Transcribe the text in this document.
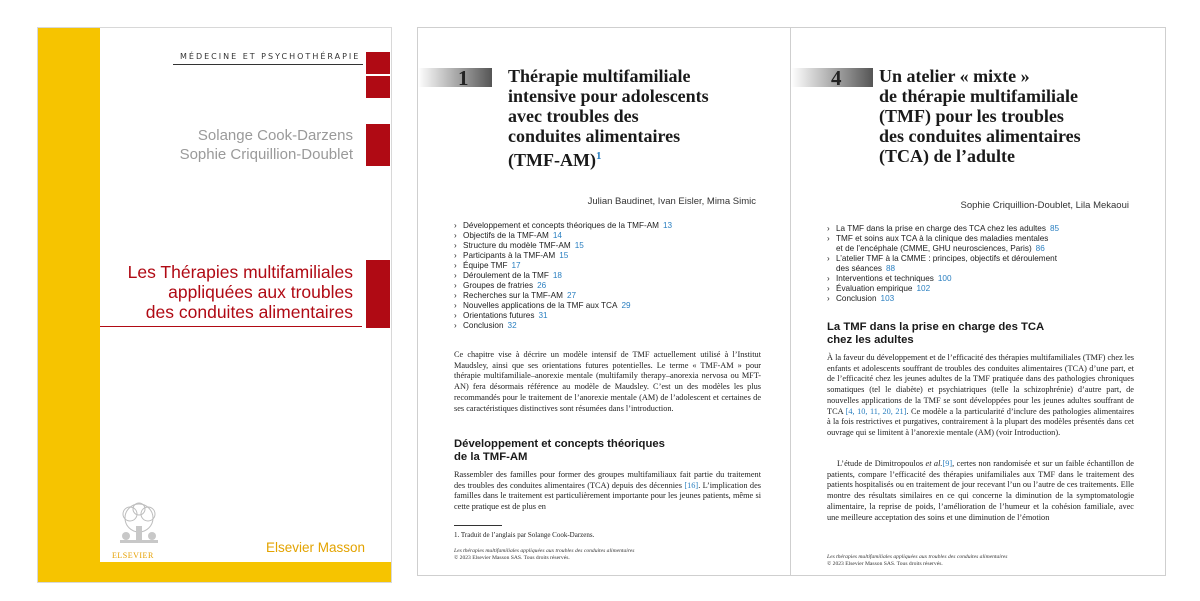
MÉDECINE ET PSYCHOTHÉRAPIE
Solange Cook-Darzens
Sophie Criquillion-Doublet
Les Thérapies multifamiliales
appliquées aux troubles
des conduites alimentaires
ELSEVIER
Elsevier Masson
1 Thérapie multifamiliale
intensive pour adolescents
avec troubles des
conduites alimentaires
$(TMF-AM)^1$
Julian Baudinet, Ivan Eisler, Mima Simic
› Développement et concepts théoriques de la TMF-AM 13
› Objectifs de la TMF-AM 14
› Structure du modèle TMF-AM 15
› Participants à la TMF-AM 15
› Équipe TMF 17
› Déroulement de la TMF 18
› Groupes de fratries 26
› Recherches sur la TMF-AM 27
› Nouvelles applications de la TMF aux TCA 29
› Orientations futures 31
› Conclusion 32
Ce chapitre vise à décrire un modèle intensif de TMF actuellement utilisé à l’Institut Maudsley, ainsi que ses orientations futures potentielles. Le terme « TMF-AM » pour thérapie multifamiliale–anorexie mentale (multifamily therapy–anorexia nervosa ou MFT-AN) fera désormais référence au modèle de Maudsley. C’est un des modèles les plus recommandés pour le traitement de l’anorexie mentale (AM) de l’adolescent et certaines de ses caractéristiques distinctives sont résumées dans l’introduction.
Développement et concepts théoriques
de la TMF-AM
Rassembler des familles pour former des groupes multifamiliaux fait partie du traitement des troubles des conduites alimentaires (TCA) depuis des décennies [16]. L’implication des familles dans le traitement est particulièrement importante pour les jeunes patients, même si cette pratique est de plus en
1. Traduit de l’anglais par Solange Cook-Darzens.
Les thérapies multifamiliales appliquées aux troubles des conduites alimentaires
© 2023 Elsevier Masson SAS. Tous droits réservés.
4 Un atelier « mixte »
de thérapie multifamiliale
(TMF) pour les troubles
des conduites alimentaires
(TCA) de l’adulte
Sophie Criquillion-Doublet, Lila Mekaoui
› La TMF dans la prise en charge des TCA chez les adultes 85
› TMF et soins aux TCA à la clinique des maladies mentales
et de l’encéphale (CMME, GHU neurosciences, Paris) 86
› L’atelier TMF à la CMME : principes, objectifs et déroulement
des séances 88
› Interventions et techniques 100
› Évaluation empirique 102
› Conclusion 103
La TMF dans la prise en charge des TCA
chez les adultes
À la faveur du développement et de l’efficacité des thérapies multifamiliales (TMF) chez les enfants et adolescents souffrant de troubles des conduites alimentaires (TCA) d’une part, et de l’efficacité chez les jeunes adultes de la TMF pratiquée dans des pathologies chroniques somatiques (tel le diabète) et psychiatriques (telle la schizophrénie) d’autre part, de nouvelles applications de la TMF se sont développées pour les jeunes adultes souffrant de TCA [4, 10, 11, 20, 21]. Ce modèle a la particularité d’inclure des pathologies alimentaires à la fois restrictives et purgatives, contrairement à la plupart des modèles présentés dans cet ouvrage qui se limitent à l’anorexie mentale (AM) (voir Introduction).
L’étude de Dimitropoulos et al.[9], certes non randomisée et sur un faible échantillon de patients, compare l’efficacité des thérapies unifamiliales aux TMF dans le traitement des patients hospitalisés ou en traitement de jour recevant l’un ou l’autre de ces traitements. Elle montre des résultats similaires en ce qui concerne la diminution de la symptomatologie alimentaire, la reprise de poids, l’amélioration de l’humeur et la cohésion familiale, avec une meilleure acceptation des soins et une diminution de l’émotion
Les thérapies multifamiliales appliquées aux troubles des conduites alimentaires
© 2023 Elsevier Masson SAS. Tous droits réservés.
